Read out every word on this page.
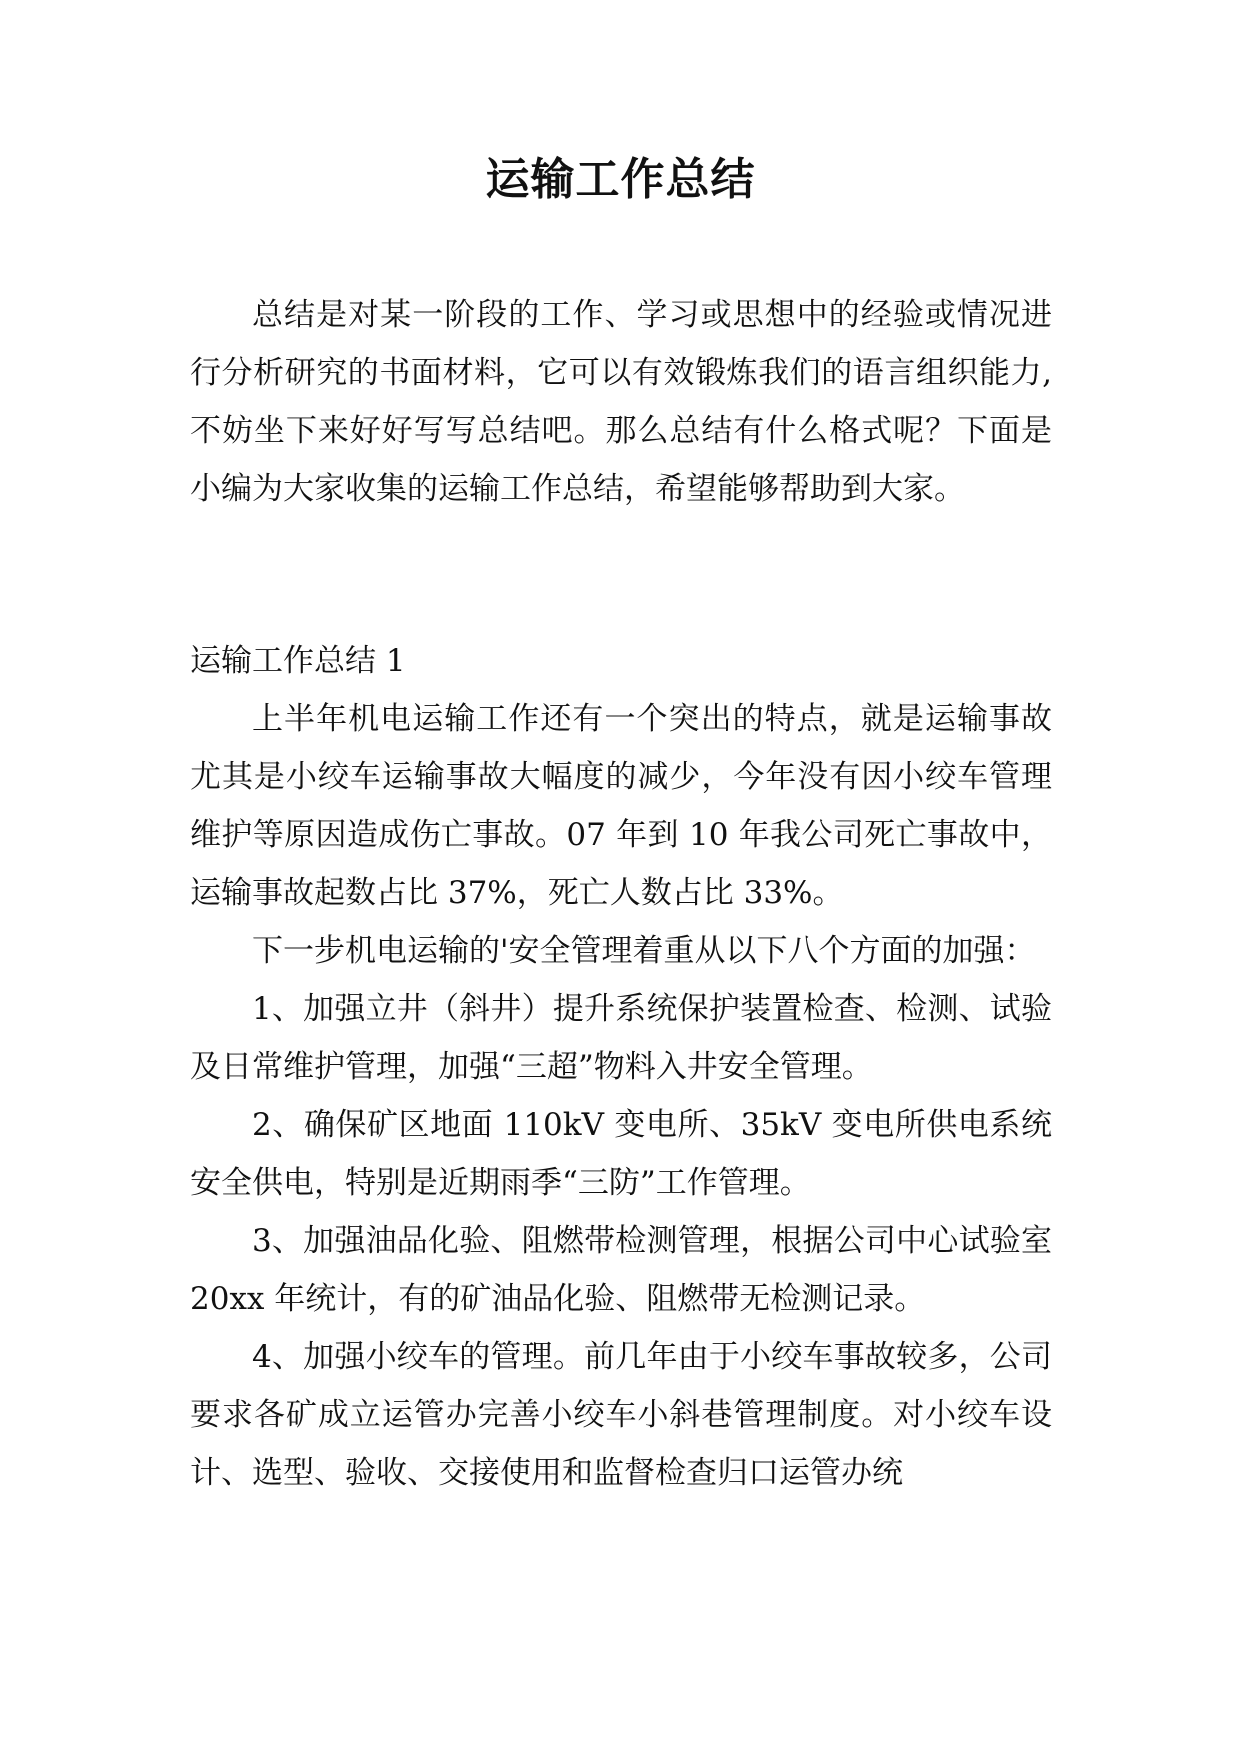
运输工作总结

总结是对某一阶段的工作、学习或思想中的经验或情况进行分析研究的书面材料，它可以有效锻炼我们的语言组织能力,不妨坐下来好好写写总结吧。那么总结有什么格式呢？下面是小编为大家收集的运输工作总结，希望能够帮助到大家。

运输工作总结 1

上半年机电运输工作还有一个突出的特点，就是运输事故尤其是小绞车运输事故大幅度的减少，今年没有因小绞车管理维护等原因造成伤亡事故。07 年到 10 年我公司死亡事故中，运输事故起数占比 37%，死亡人数占比 33%。

下一步机电运输的'安全管理着重从以下八个方面的加强：

1、加强立井（斜井）提升系统保护装置检查、检测、试验及日常维护管理，加强“三超”物料入井安全管理。

2、确保矿区地面 110kV 变电所、35kV 变电所供电系统安全供电，特别是近期雨季“三防”工作管理。

3、加强油品化验、阻燃带检测管理，根据公司中心试验室 20xx 年统计，有的矿油品化验、阻燃带无检测记录。

4、加强小绞车的管理。前几年由于小绞车事故较多，公司要求各矿成立运管办完善小绞车小斜巷管理制度。对小绞车设计、选型、验收、交接使用和监督检查归口运管办统
